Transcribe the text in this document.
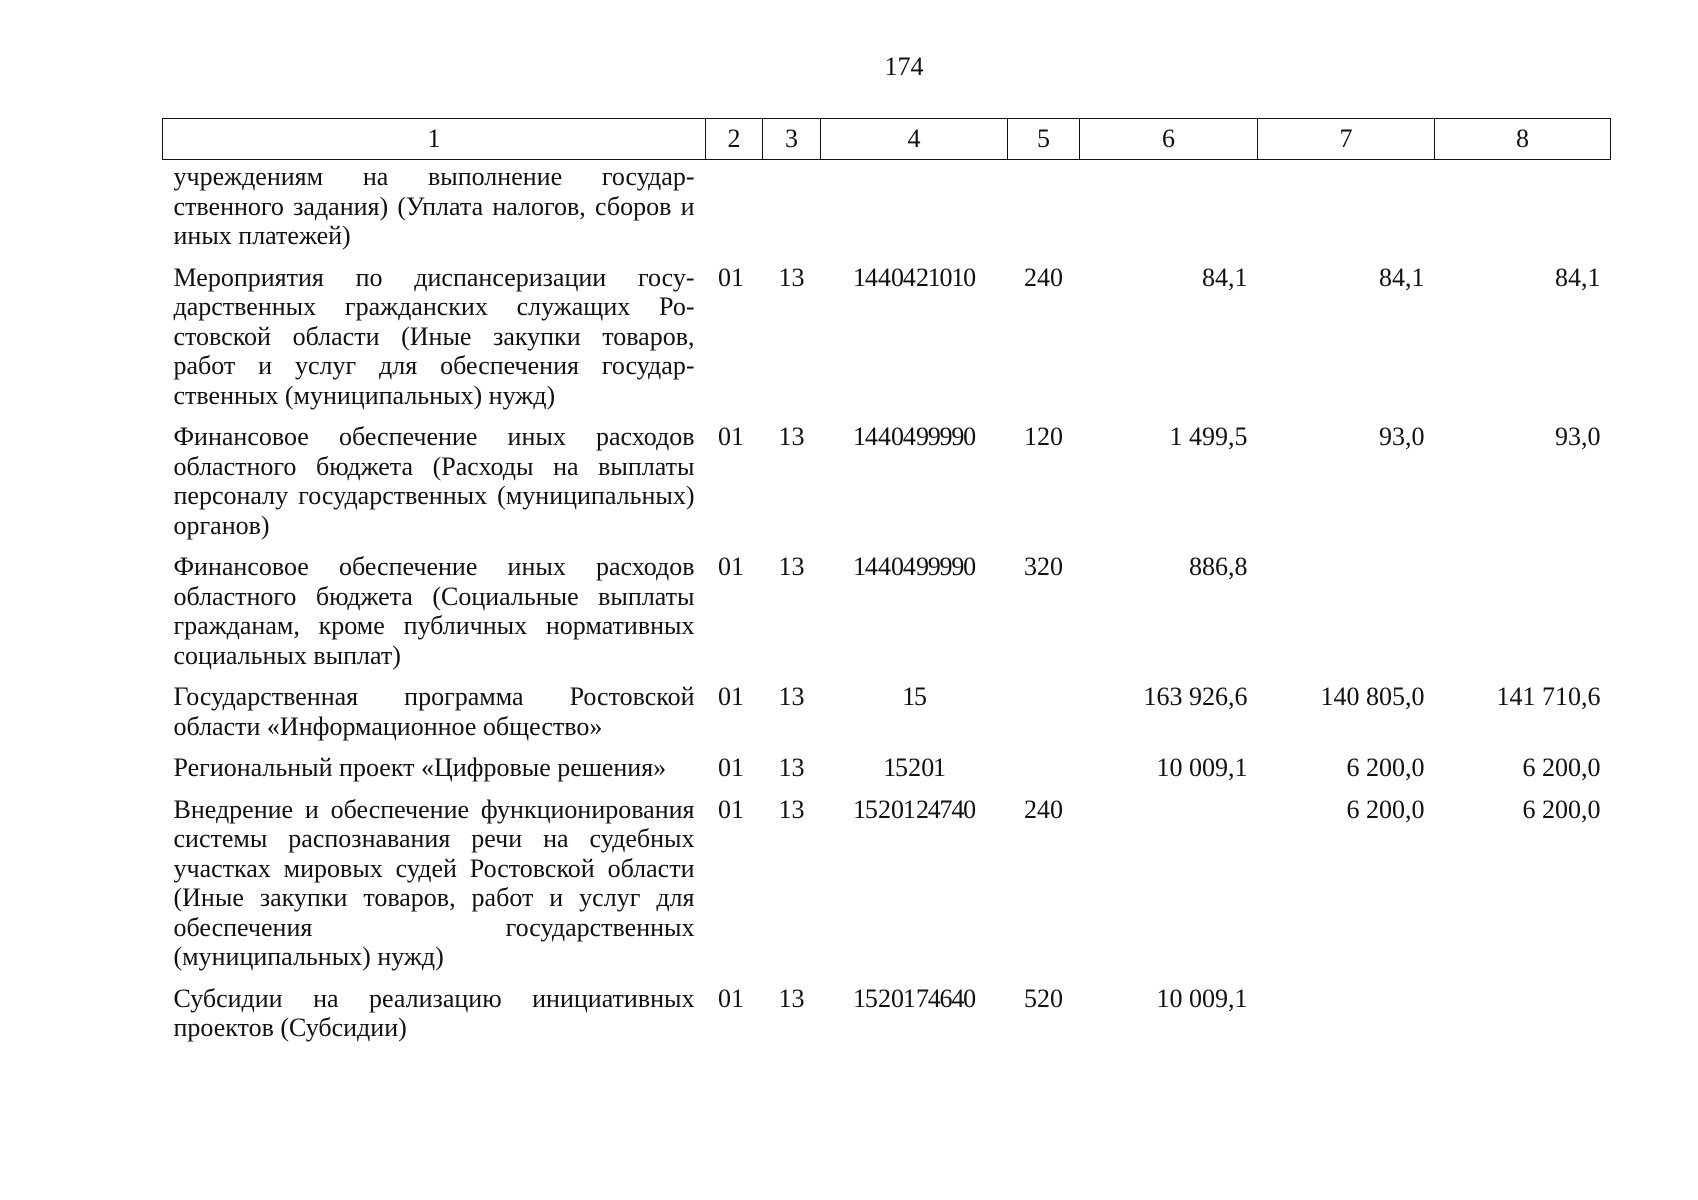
174
1	2	3	4	5	6	7	8
учреждениям на выполнение государственного задания) (Уплата налогов, сборов и иных платежей)							

Мероприятия по диспансеризации государственных гражданских служащих Ростовской области (Иные закупки товаров, работ и услуг для обеспечения государственных (муниципальных) нужд)	01	13	14 4 04 21010	240	84,1	84,1	84,1

Финансовое обеспечение иных расходов областного бюджета (Расходы на выплаты персоналу государственных (муниципальных) органов)	01	13	14 4 04 99990	120	1 499,5	93,0	93,0

Финансовое обеспечение иных расходов областного бюджета (Социальные выплаты гражданам, кроме публичных нормативных социальных выплат)	01	13	14 4 04 99990	320	886,8		

Государственная программа Ростовской области «Информационное общество»	01	13	15		163 926,6	140 805,0	141 710,6

Региональный проект «Цифровые решения»	01	13	15 2 01		10 009,1	6 200,0	6 200,0

Внедрение и обеспечение функционирования системы распознавания речи на судебных участках мировых судей Ростовской области (Иные закупки товаров, работ и услуг для обеспечения государственных (муниципальных) нужд)	01	13	15 2 01 24740	240		6 200,0	6 200,0

Субсидии на реализацию инициативных проектов (Субсидии)	01	13	15 2 01 74640	520	10 009,1		
